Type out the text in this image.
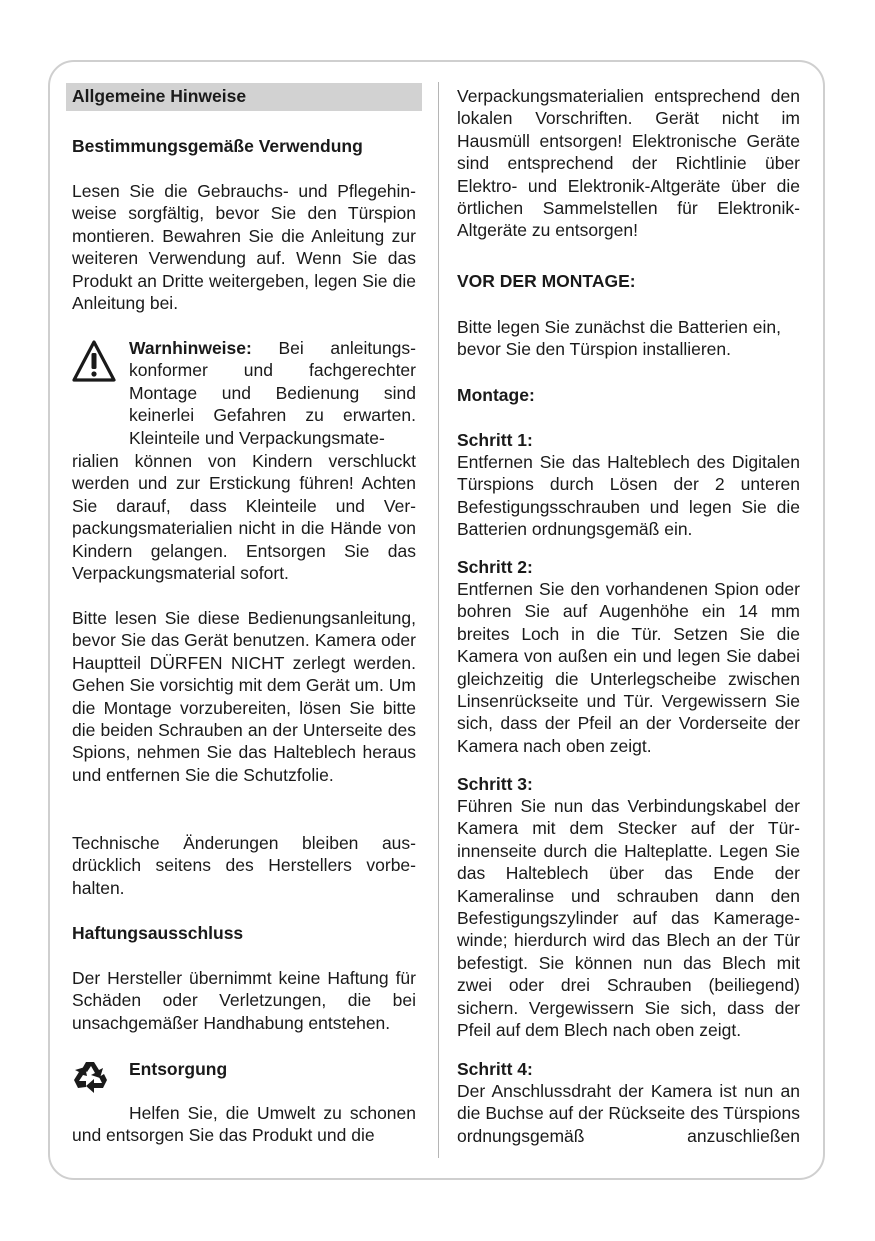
Allgemeine Hinweise
Bestimmungsgemäße Verwendung

Lesen Sie die Gebrauchs- und Pflegehinweise sorgfältig, bevor Sie den Türspion montieren. Bewahren Sie die Anleitung zur weiteren Verwendung auf. Wenn Sie das Produkt an Dritte weitergeben, legen Sie die Anleitung bei.

Warnhinweise: Bei anleitungskonformer und fachgerechter Montage und Bedienung sind keinerlei Gefahren zu erwarten. Kleinteile und Verpackungsmate-

rialien können von Kindern verschluckt werden und zur Erstickung führen! Achten Sie darauf, dass Kleinteile und Verpackungsmaterialien nicht in die Hände von Kindern gelangen. Entsorgen Sie das Verpackungsmaterial sofort.

Bitte lesen Sie diese Bedienungsanleitung, bevor Sie das Gerät benutzen. Kamera oder Hauptteil DÜRFEN NICHT zerlegt werden. Gehen Sie vorsichtig mit dem Gerät um. Um die Montage vorzubereiten, lösen Sie bitte die beiden Schrauben an der Unterseite des Spions, nehmen Sie das Halteblech heraus und entfernen Sie die Schutzfolie.

Technische Änderungen bleiben ausdrücklich seitens des Herstellers vorbehalten.

Haftungsausschluss

Der Hersteller übernimmt keine Haftung für Schäden oder Verletzungen, die bei unsachgemäßer Handhabung entstehen.

Entsorgung

Helfen Sie, die Umwelt zu schonen und entsorgen Sie das Produkt und die

Verpackungsmaterialien entsprechend den lokalen Vorschriften. Gerät nicht im Hausmüll entsorgen! Elektronische Geräte sind entsprechend der Richtlinie über Elektro- und Elektronik-Altgeräte über die örtlichen Sammelstellen für Elektronik-Altgeräte zu entsorgen!

VOR DER MONTAGE:

Bitte legen Sie zunächst die Batterien ein, bevor Sie den Türspion installieren.

Montage:
Schritt 1:

Entfernen Sie das Halteblech des Digitalen Türspions durch Lösen der 2 unteren Befestigungsschrauben und legen Sie die Batterien ordnungsgemäß ein.

Schritt 2:

Entfernen Sie den vorhandenen Spion oder bohren Sie auf Augenhöhe ein 14 mm breites Loch in die Tür. Setzen Sie die Kamera von außen ein und legen Sie dabei gleichzeitig die Unterlegscheibe zwischen Linsenrückseite und Tür. Vergewissern Sie sich, dass der Pfeil an der Vorderseite der Kamera nach oben zeigt.

Schritt 3:

Führen Sie nun das Verbindungskabel der Kamera mit dem Stecker auf der Türinnenseite durch die Halteplatte. Legen Sie das Halteblech über das Ende der Kameralinse und schrauben dann den Befestigungszylinder auf das Kameragewinde; hierdurch wird das Blech an der Tür befestigt. Sie können nun das Blech mit zwei oder drei Schrauben (beiliegend) sichern. Vergewissern Sie sich, dass der Pfeil auf dem Blech nach oben zeigt.

Schritt 4:

Der Anschlussdraht der Kamera ist nun an die Buchse auf der Rückseite des Türspions ordnungsgemäß anzuschließen
